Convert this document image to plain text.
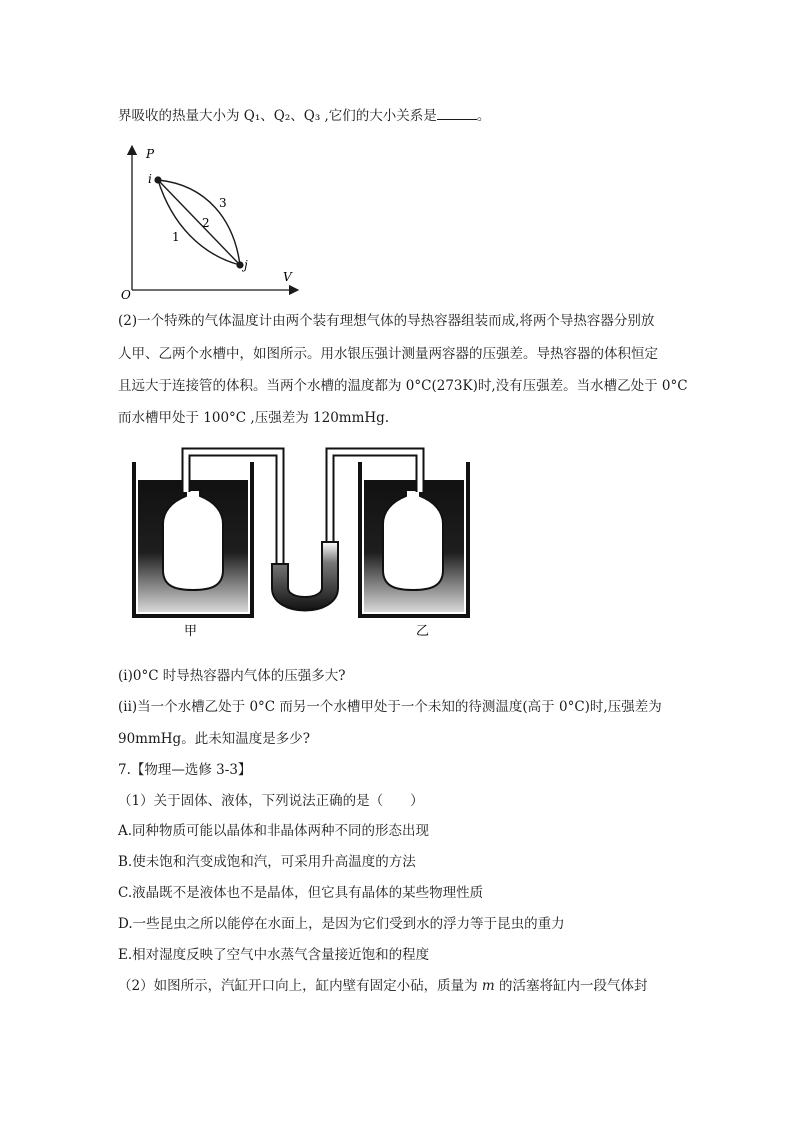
界吸收的热量大小为 Q₁、Q₂、Q₃ ,它们的大小关系是	。
P
V
O
i
j
1
2
3
(2)一个特殊的气体温度计由两个装有理想气体的导热容器组装而成,将两个导热容器分别放
人甲、乙两个水槽中，如图所示。用水银压强计测量两容器的压强差。导热容器的体积恒定
且远大于连接管的体积。当两个水槽的温度都为 0°C(273K)时,没有压强差。当水槽乙处于 0°C
而水槽甲处于 100°C ,压强差为 120mmHg.
甲	乙
(i)0°C 时导热容器内气体的压强多大?
(ii)当一个水槽乙处于 0°C 而另一个水槽甲处于一个未知的待测温度(高于 0°C)时,压强差为
90mmHg。此未知温度是多少?
7.【物理—选修 3-3】
（1）关于固体、液体，下列说法正确的是（　　）
A.同种物质可能以晶体和非晶体两种不同的形态出现
B.使未饱和汽变成饱和汽，可采用升高温度的方法
C.液晶既不是液体也不是晶体，但它具有晶体的某些物理性质
D.一些昆虫之所以能停在水面上，是因为它们受到水的浮力等于昆虫的重力
E.相对湿度反映了空气中水蒸气含量接近饱和的程度
（2）如图所示，汽缸开口向上，缸内壁有固定小砧，质量为 m 的活塞将缸内一段气体封
